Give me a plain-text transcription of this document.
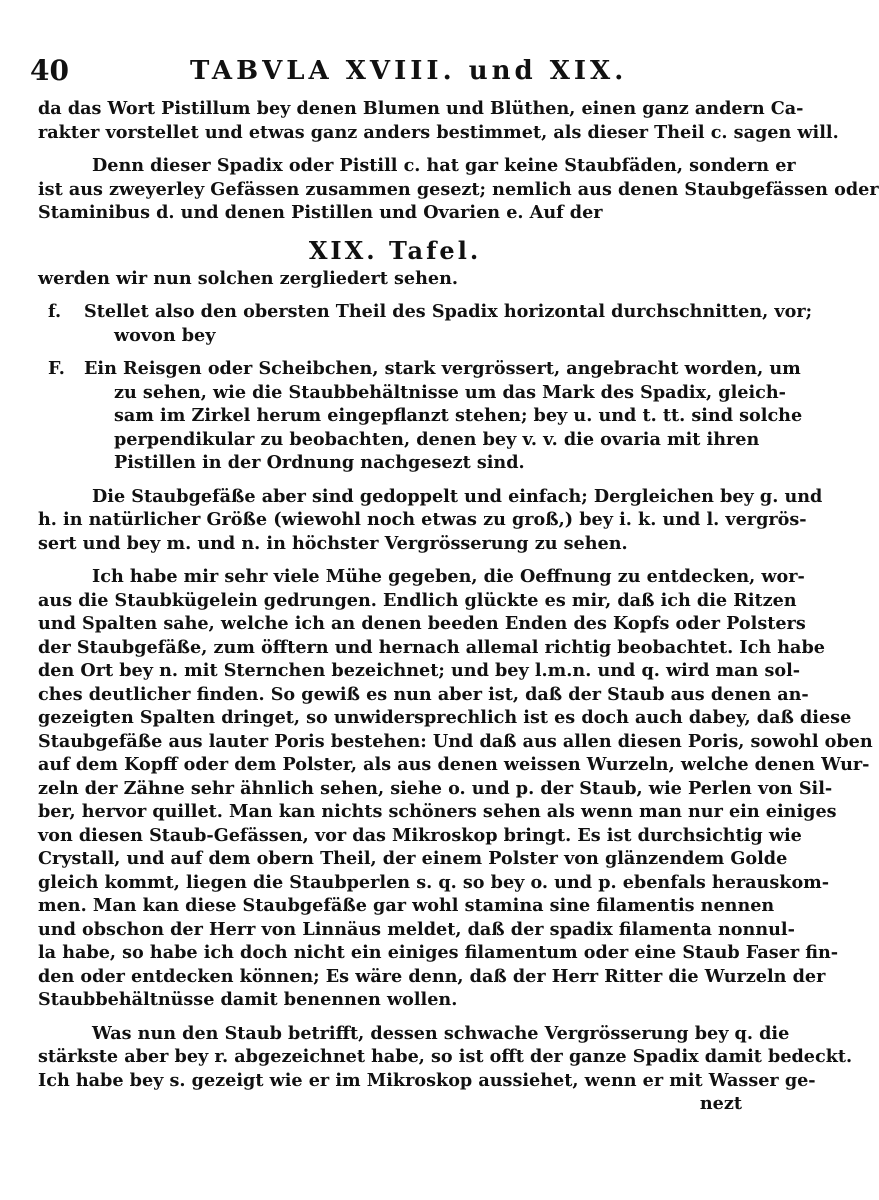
40	TABVLA XVIII. und XIX.
da das Wort Pistillum bey denen Blumen und Blüthen, einen ganz andern Ca-
rakter vorstellet und etwas ganz anders bestimmet, als dieser Theil c. sagen will.
Denn dieser Spadix oder Pistill c. hat gar keine Staubfäden, sondern er
ist aus zweyerley Gefässen zusammen gesezt; nemlich aus denen Staubgefässen oder
Staminibus d. und denen Pistillen und Ovarien e. Auf der
XIX. Tafel.
werden wir nun solchen zergliedert sehen.
f.	Stellet also den obersten Theil des Spadix horizontal durchschnitten, vor;
wovon bey
F.	Ein Reisgen oder Scheibchen, stark vergrössert, angebracht worden, um
zu sehen, wie die Staubbehältnisse um das Mark des Spadix, gleich-
sam im Zirkel herum eingepflanzt stehen; bey u. und t. tt. sind solche
perpendikular zu beobachten, denen bey v. v. die ovaria mit ihren
Pistillen in der Ordnung nachgesezt sind.
Die Staubgefäße aber sind gedoppelt und einfach; Dergleichen bey g. und
h. in natürlicher Größe (wiewohl noch etwas zu groß,) bey i. k. und l. vergrös-
sert und bey m. und n. in höchster Vergrösserung zu sehen.
Ich habe mir sehr viele Mühe gegeben, die Oeffnung zu entdecken, wor-
aus die Staubkügelein gedrungen. Endlich glückte es mir, daß ich die Ritzen
und Spalten sahe, welche ich an denen beeden Enden des Kopfs oder Polsters
der Staubgefäße, zum öfftern und hernach allemal richtig beobachtet. Ich habe
den Ort bey n. mit Sternchen bezeichnet; und bey l.m.n. und q. wird man sol-
ches deutlicher finden. So gewiß es nun aber ist, daß der Staub aus denen an-
gezeigten Spalten dringet, so unwidersprechlich ist es doch auch dabey, daß diese
Staubgefäße aus lauter Poris bestehen: Und daß aus allen diesen Poris, sowohl oben
auf dem Kopff oder dem Polster, als aus denen weissen Wurzeln, welche denen Wur-
zeln der Zähne sehr ähnlich sehen, siehe o. und p. der Staub, wie Perlen von Sil-
ber, hervor quillet. Man kan nichts schöners sehen als wenn man nur ein einiges
von diesen Staub-Gefässen, vor das Mikroskop bringt. Es ist durchsichtig wie
Crystall, und auf dem obern Theil, der einem Polster von glänzendem Golde
gleich kommt, liegen die Staubperlen s. q. so bey o. und p. ebenfals herauskom-
men. Man kan diese Staubgefäße gar wohl stamina sine filamentis nennen
und obschon der Herr von Linnäus meldet, daß der spadix filamenta nonnul-
la habe, so habe ich doch nicht ein einiges filamentum oder eine Staub Faser fin-
den oder entdecken können; Es wäre denn, daß der Herr Ritter die Wurzeln der
Staubbehältnüsse damit benennen wollen.
Was nun den Staub betrifft, dessen schwache Vergrösserung bey q. die
stärkste aber bey r. abgezeichnet habe, so ist offt der ganze Spadix damit bedeckt.
Ich habe bey s. gezeigt wie er im Mikroskop aussiehet, wenn er mit Wasser ge-
nezt
